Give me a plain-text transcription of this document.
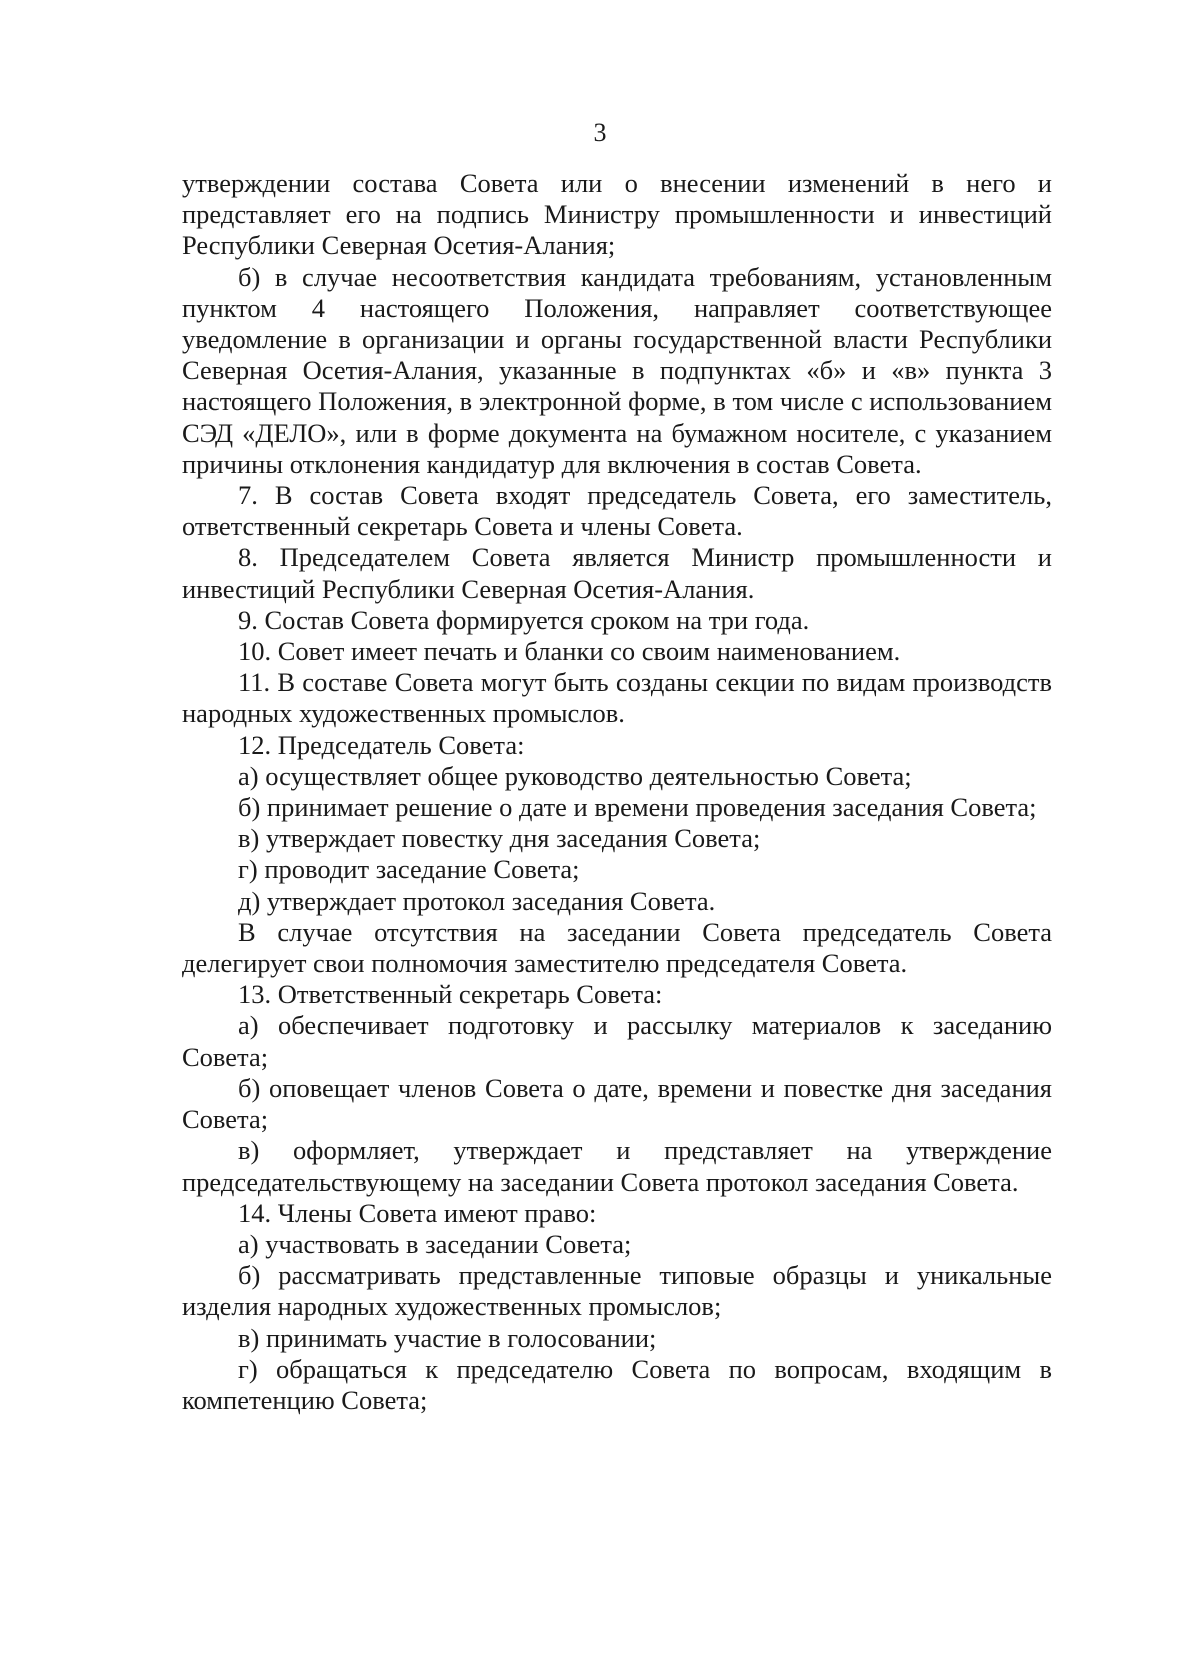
3

утверждении состава Совета или о внесении изменений в него и представляет его на подпись Министру промышленности и инвестиций Республики Северная Осетия-Алания;

б) в случае несоответствия кандидата требованиям, установленным пунктом 4 настоящего Положения, направляет соответствующее уведомление в организации и органы государственной власти Республики Северная Осетия-Алания, указанные в подпунктах «б» и «в» пункта 3 настоящего Положения, в электронной форме, в том числе с использованием СЭД «ДЕЛО», или в форме документа на бумажном носителе, с указанием причины отклонения кандидатур для включения в состав Совета.

7. В состав Совета входят председатель Совета, его заместитель, ответственный секретарь Совета и члены Совета.

8. Председателем Совета является Министр промышленности и инвестиций Республики Северная Осетия-Алания.

9. Состав Совета формируется сроком на три года.

10. Совет имеет печать и бланки со своим наименованием.

11. В составе Совета могут быть созданы секции по видам производств народных художественных промыслов.

12. Председатель Совета:

а) осуществляет общее руководство деятельностью Совета;

б) принимает решение о дате и времени проведения заседания Совета;

в) утверждает повестку дня заседания Совета;

г) проводит заседание Совета;

д) утверждает протокол заседания Совета.

В случае отсутствия на заседании Совета председатель Совета делегирует свои полномочия заместителю председателя Совета.

13. Ответственный секретарь Совета:

а) обеспечивает подготовку и рассылку материалов к заседанию Совета;

б) оповещает членов Совета о дате, времени и повестке дня заседания Совета;

в) оформляет, утверждает и представляет на утверждение председательствующему на заседании Совета протокол заседания Совета.

14. Члены Совета имеют право:

а) участвовать в заседании Совета;

б) рассматривать представленные типовые образцы и уникальные изделия народных художественных промыслов;

в) принимать участие в голосовании;

г) обращаться к председателю Совета по вопросам, входящим в компетенцию Совета;
